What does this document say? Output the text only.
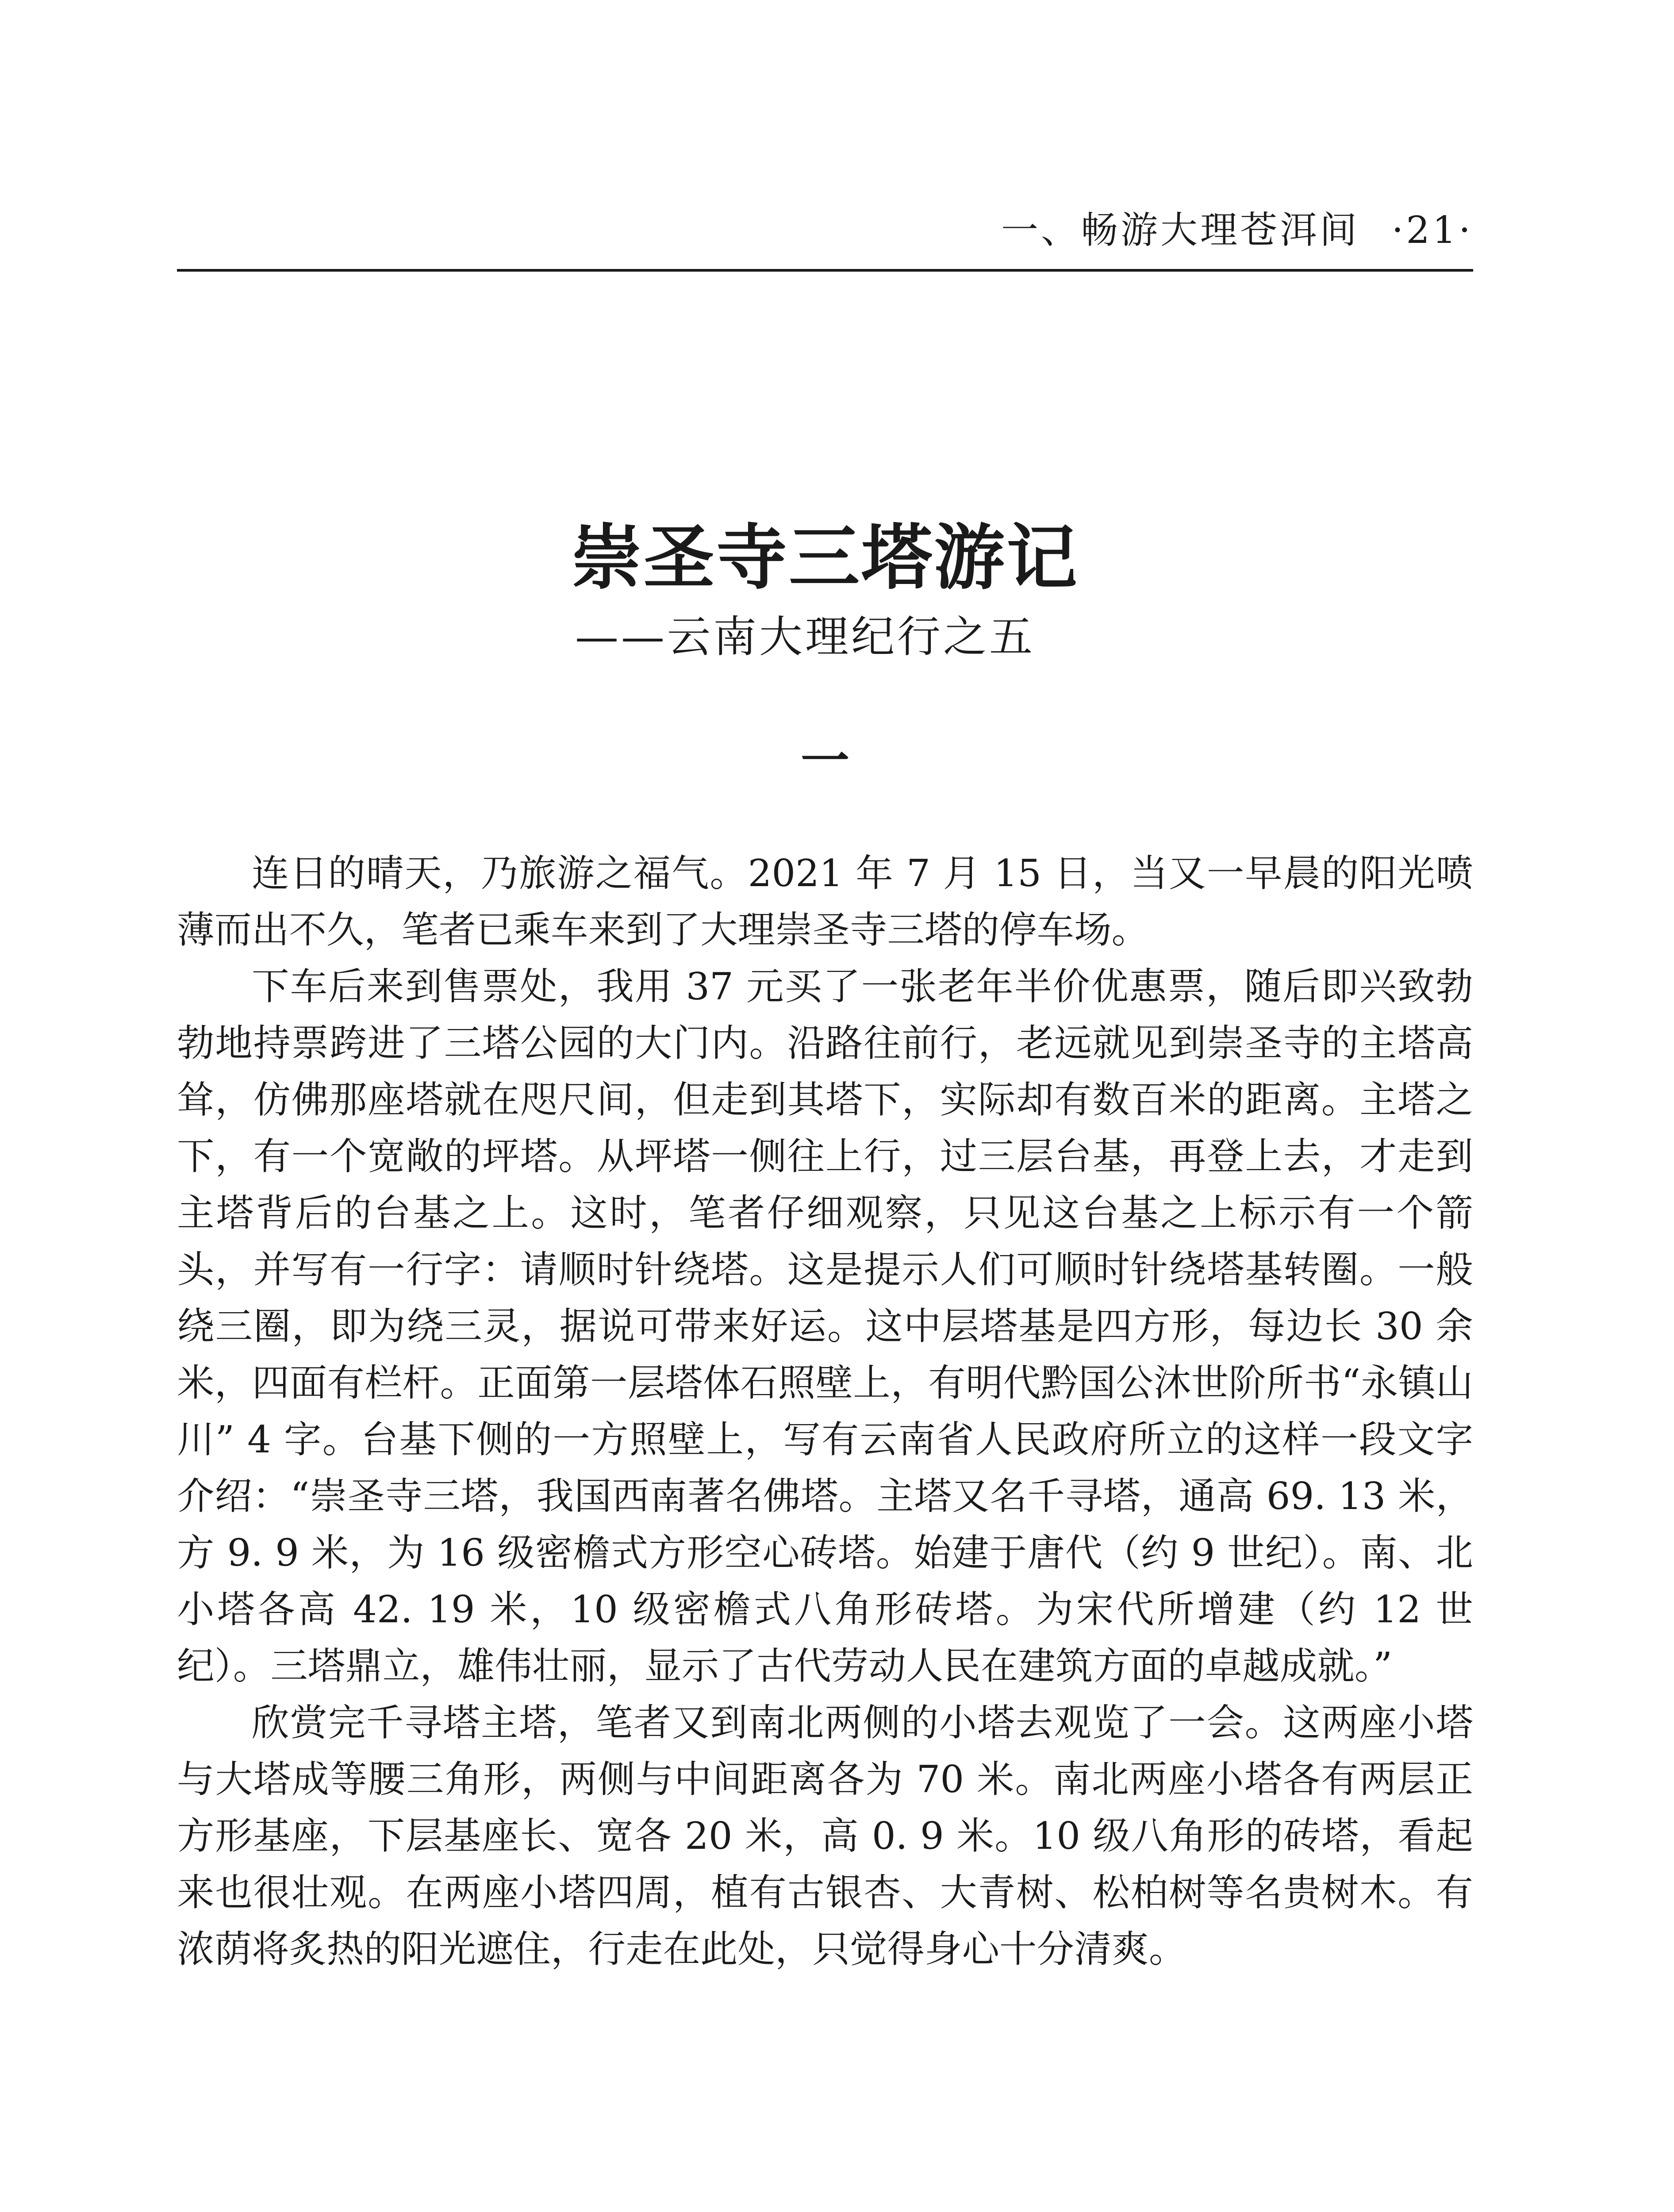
一、畅游大理苍洱间 ·21·
崇圣寺三塔游记
——云南大理纪行之五
一

连日的晴天，乃旅游之福气。2021 年 7 月 15 日，当又一早晨的阳光喷薄而出不久，笔者已乘车来到了大理崇圣寺三塔的停车场。

下车后来到售票处，我用 37 元买了一张老年半价优惠票，随后即兴致勃勃地持票跨进了三塔公园的大门内。沿路往前行，老远就见到崇圣寺的主塔高耸，仿佛那座塔就在咫尺间，但走到其塔下，实际却有数百米的距离。主塔之下，有一个宽敞的坪塔。从坪塔一侧往上行，过三层台基，再登上去，才走到主塔背后的台基之上。这时，笔者仔细观察，只见这台基之上标示有一个箭头，并写有一行字：请顺时针绕塔。这是提示人们可顺时针绕塔基转圈。一般绕三圈，即为绕三灵，据说可带来好运。这中层塔基是四方形，每边长 30 余米，四面有栏杆。正面第一层塔体石照壁上，有明代黔国公沐世阶所书“永镇山川” 4 字。台基下侧的一方照壁上，写有云南省人民政府所立的这样一段文字介绍：“崇圣寺三塔，我国西南著名佛塔。主塔又名千寻塔，通高 69. 13 米，方 9. 9 米，为 16 级密檐式方形空心砖塔。始建于唐代（约 9 世纪）。南、北小塔各高 42. 19 米，10 级密檐式八角形砖塔。为宋代所增建（约 12 世纪）。三塔鼎立，雄伟壮丽，显示了古代劳动人民在建筑方面的卓越成就。”

欣赏完千寻塔主塔，笔者又到南北两侧的小塔去观览了一会。这两座小塔与大塔成等腰三角形，两侧与中间距离各为 70 米。南北两座小塔各有两层正方形基座，下层基座长、宽各 20 米，高 0. 9 米。10 级八角形的砖塔，看起来也很壮观。在两座小塔四周，植有古银杏、大青树、松柏树等名贵树木。有浓荫将炙热的阳光遮住，行走在此处，只觉得身心十分清爽。
